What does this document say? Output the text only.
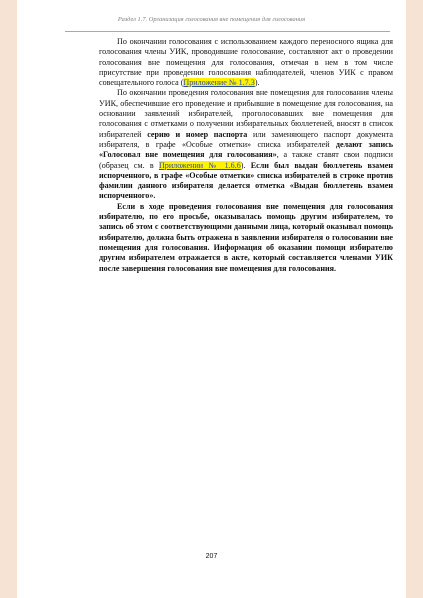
Раздел 1.7. Организация голосования вне помещения для голосования

По окончании голосования с использованием каждого переносного ящика для голосования члены УИК, проводившие голосование, составляют акт о проведении голосования вне помещения для голосования, отмечая в нем в том числе присутствие при проведении голосования наблюдателей, членов УИК с правом совещательного голоса (Приложение № 1.7.3).

По окончании проведения голосования вне помещения для голосования члены УИК, обеспечившие его проведение и прибывшие в помещение для голосования, на основании заявлений избирателей, проголосовавших вне помещения для голосования с отметками о получении избирательных бюллетеней, вносят в список избирателей серию и номер паспорта или заменяющего паспорт документа избирателя, в графе «Особые отметки» списка избирателей делают запись «Голосовал вне помещения для голосования», а также ставят свои подписи (образец см. в Приложении № 1.6.6). Если был выдан бюллетень взамен испорченного, в графе «Особые отметки» списка избирателей в строке против фамилии данного избирателя делается отметка «Выдан бюллетень взамен испорченного».

Если в ходе проведения голосования вне помещения для голосования избирателю, по его просьбе, оказывалась помощь другим избирателем, то запись об этом с соответствующими данными лица, который оказывал помощь избирателю, должна быть отражена в заявлении избирателя о голосовании вне помещения для голосования. Информация об оказании помощи избирателю другим избирателем отражается в акте, который составляется членами УИК после завершения голосования вне помещения для голосования.

207
